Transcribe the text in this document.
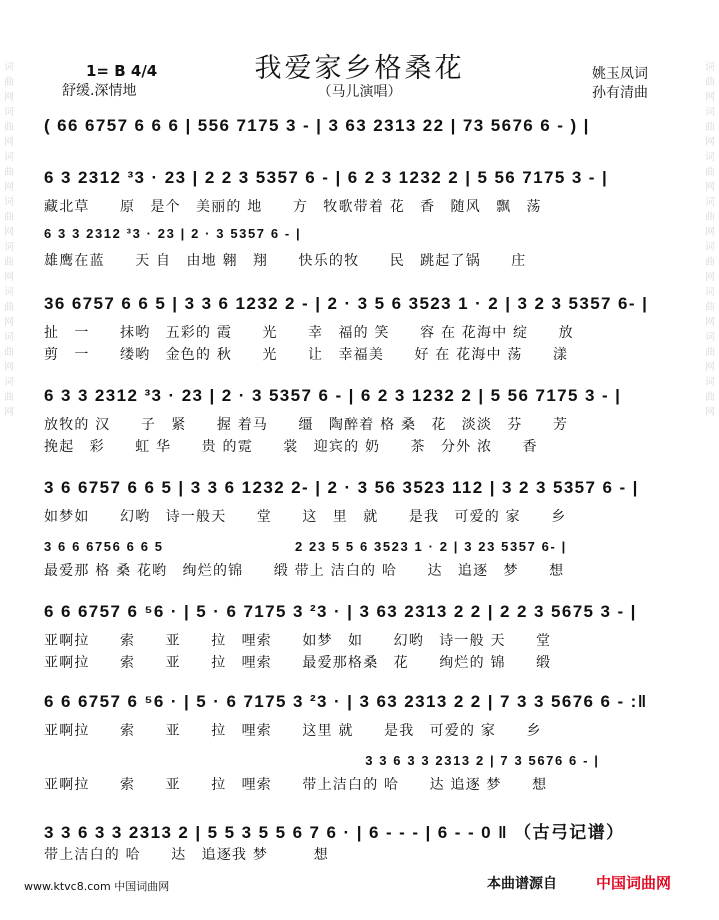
词曲网词曲网词曲网词曲网词曲网词曲网词曲网词曲网
词曲网词曲网词曲网词曲网词曲网词曲网词曲网词曲网
1= B 4/4
舒缓.深情地
我爱家乡格桑花
（马儿演唱）
姚玉凤词
孙有清曲
( 66 6757 6 6 6 | 556 7175 3 - | 3 63 2313 22 | 73 5676 6 - ) |
6 3 2312 ³3 · 23 | 2 2 3 5357 6 - | 6 2 3 1232 2 | 5 56 7175 3 - |
藏北草　　原　是个　美丽的 地　　方　牧歌带着 花　香　随风　飘　荡
6 3 3 2312 ³3 · 23 | 2 · 3 5357 6 - |
雄鹰在蓝　　天 自　由地 翱　翔　　快乐的牧　　民　跳起了锅　　庄
36 6757 6 6 5 | 3 3 6 1232 2 - | 2 · 3 5 6 3523 1 · 2 | 3 2 3 5357 6- |
扯　一　　抹哟　五彩的 霞　　光　　幸　福的 笑　　容 在 花海中 绽　　放
剪　一　　缕哟　金色的 秋　　光　　让　幸福美　　好 在 花海中 荡　　漾
6 3 3 2312 ³3 · 23 | 2 · 3 5357 6 - | 6 2 3 1232 2 | 5 56 7175 3 - |
放牧的 汉　　子　紧　　握 着马　　缰　陶醉着 格 桑　花　淡淡　芬　　芳
挽起　彩　　虹 华　　贵 的霓　　裳　迎宾的 奶　　茶　分外 浓　　香
3 6 6757 6 6 5 | 3 3 6 1232 2- | 2 · 3 56 3523 112 | 3 2 3 5357 6 - |
如梦如　　幻哟　诗一般天　　堂　　这　里　就　　是我　可爱的 家　　乡
3 6 6 6756 6 6 5　　　　　　　　　2 23 5 5 6 3523 1 · 2 | 3 23 5357 6- |
最爱那 格 桑 花哟　绚烂的锦　　缎 带上 洁白的 哈　　达　追逐　梦　　想
6 6 6757 6 ⁵6 · | 5 · 6 7175 3 ²3 · | 3 63 2313 2 2 | 2 2 3 5675 3 - |
亚啊拉　　索　　亚　　拉　哩索　　如梦　如　　幻哟　诗一般 天　　堂
亚啊拉　　索　　亚　　拉　哩索　　最爱那格桑　花　　绚烂的 锦　　缎
6 6 6757 6 ⁵6 · | 5 · 6 7175 3 ²3 · | 3 63 2313 2 2 | 7 3 3 5676 6 - :‖
亚啊拉　　索　　亚　　拉　哩索　　这里 就　　是我　可爱的 家　　乡
　　　　　　　　　　　　　　　　　　　　　　3 3 6 3 3 2313 2 | 7 3 5676 6 - |
亚啊拉　　索　　亚　　拉　哩索　　带上洁白的 哈　　达 追逐 梦　　想
3 3 6 3 3 2313 2 | 5 5 3 5 5 6 7 6 · | 6 - - - | 6 - - 0 ‖ （古弓记谱）
带上洁白的 哈　　达　追逐我 梦　　　想
www.ktvc8.com 中国词曲网	本曲谱源自	中国词曲网
